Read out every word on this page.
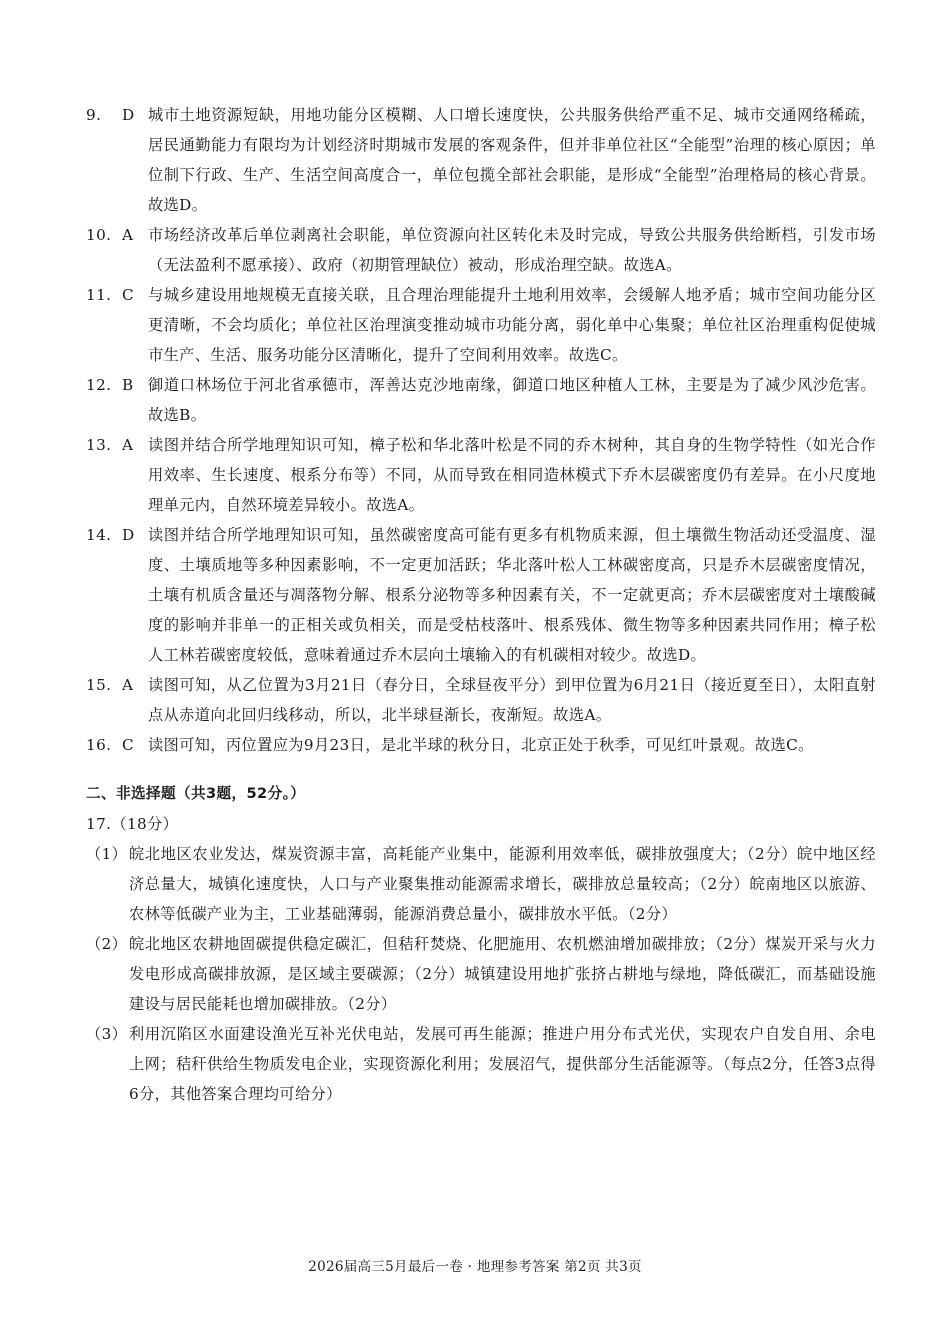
9.	D 城市土地资源短缺，用地功能分区模糊、人口增长速度快，公共服务供给严重不足、城市交通网络稀疏，居民通勤能力有限均为计划经济时期城市发展的客观条件，但并非单位社区“全能型”治理的核心原因；单位制下行政、生产、生活空间高度合一，单位包揽全部社会职能，是形成“全能型”治理格局的核心背景。故选D。
10. A 市场经济改革后单位剥离社会职能，单位资源向社区转化未及时完成，导致公共服务供给断档，引发市场（无法盈利不愿承接）、政府（初期管理缺位）被动，形成治理空缺。故选A。
11. C 与城乡建设用地规模无直接关联，且合理治理能提升土地利用效率，会缓解人地矛盾；城市空间功能分区更清晰，不会均质化；单位社区治理演变推动城市功能分离，弱化单中心集聚；单位社区治理重构促使城市生产、生活、服务功能分区清晰化，提升了空间利用效率。故选C。
12. B 御道口林场位于河北省承德市，浑善达克沙地南缘，御道口地区种植人工林，主要是为了减少风沙危害。故选B。
13. A 读图并结合所学地理知识可知，樟子松和华北落叶松是不同的乔木树种，其自身的生物学特性（如光合作用效率、生长速度、根系分布等）不同，从而导致在相同造林模式下乔木层碳密度仍有差异。在小尺度地理单元内，自然环境差异较小。故选A。
14. D 读图并结合所学地理知识可知，虽然碳密度高可能有更多有机物质来源，但土壤微生物活动还受温度、湿度、土壤质地等多种因素影响，不一定更加活跃；华北落叶松人工林碳密度高，只是乔木层碳密度情况，土壤有机质含量还与凋落物分解、根系分泌物等多种因素有关，不一定就更高；乔木层碳密度对土壤酸碱度的影响并非单一的正相关或负相关，而是受枯枝落叶、根系残体、微生物等多种因素共同作用；樟子松人工林若碳密度较低，意味着通过乔木层向土壤输入的有机碳相对较少。故选D。
15. A 读图可知，从乙位置为3月21日（春分日，全球昼夜平分）到甲位置为6月21日（接近夏至日），太阳直射点从赤道向北回归线移动，所以，北半球昼渐长，夜渐短。故选A。
16. C 读图可知，丙位置应为9月23日，是北半球的秋分日，北京正处于秋季，可见红叶景观。故选C。
二、非选择题（共3题，52分。）
17.（18分）
（1） 皖北地区农业发达，煤炭资源丰富，高耗能产业集中，能源利用效率低，碳排放强度大；（2分）皖中地区经济总量大，城镇化速度快，人口与产业聚集推动能源需求增长，碳排放总量较高；（2分）皖南地区以旅游、农林等低碳产业为主，工业基础薄弱，能源消费总量小，碳排放水平低。（2分）
（2） 皖北地区农耕地固碳提供稳定碳汇，但秸秆焚烧、化肥施用、农机燃油增加碳排放；（2分）煤炭开采与火力发电形成高碳排放源，是区域主要碳源；（2分）城镇建设用地扩张挤占耕地与绿地，降低碳汇，而基础设施建设与居民能耗也增加碳排放。（2分）
（3） 利用沉陷区水面建设渔光互补光伏电站，发展可再生能源；推进户用分布式光伏，实现农户自发自用、余电上网；秸秆供给生物质发电企业，实现资源化利用；发展沼气，提供部分生活能源等。（每点2分，任答3点得6分，其他答案合理均可给分）
2026届高三5月最后一卷 · 地理参考答案 第2页 共3页
